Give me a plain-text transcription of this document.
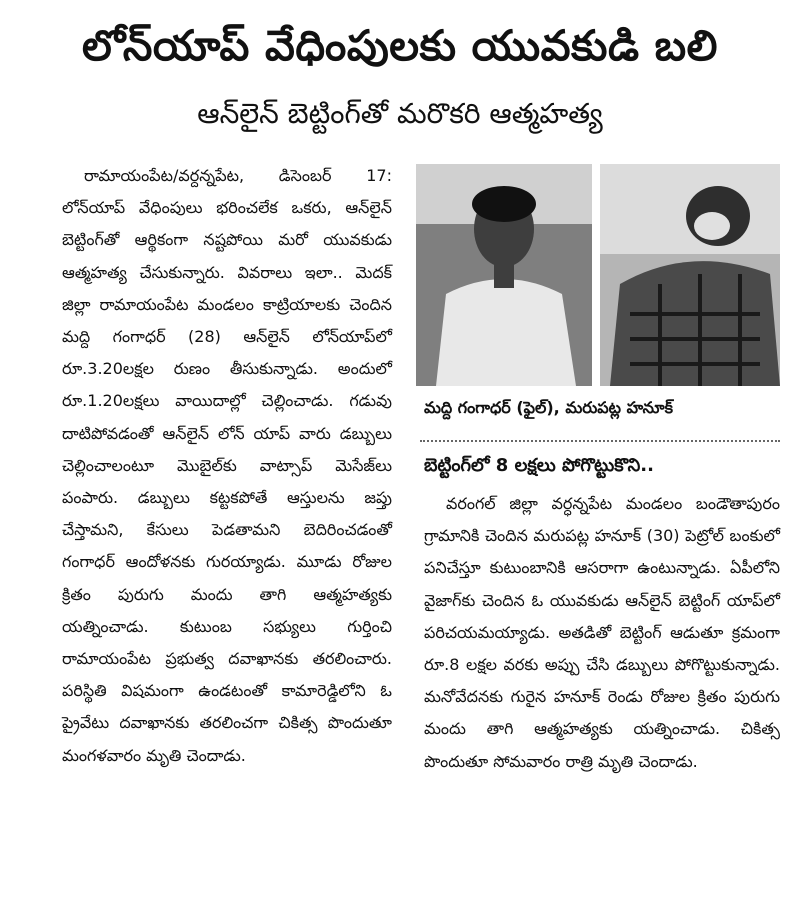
లోన్‌యాప్ వేధింపులకు యువకుడి బలి
ఆన్‌లైన్ బెట్టింగ్‌తో మరొకరి ఆత్మహత్య

రామాయంపేట/వర్దన్నపేట, డిసెంబర్ 17: లోన్‌యాప్ వేధింపులు భరించలేక ఒకరు, ఆన్‌లైన్ బెట్టింగ్‌తో ఆర్థికంగా నష్టపోయి మరో యువకుడు ఆత్మహత్య చేసుకున్నారు. వివరాలు ఇలా.. మెదక్ జిల్లా రామాయంపేట మండలం కాట్రియాలకు చెందిన మద్ది గంగాధర్ (28) ఆన్‌లైన్ లోన్‌యాప్‌లో రూ.3.20లక్షల రుణం తీసుకున్నాడు. అందులో రూ.1.20లక్షలు వాయిదాల్లో చెల్లించాడు. గడువు దాటిపోవడంతో ఆన్‌లైన్ లోన్ యాప్ వారు డబ్బులు చెల్లించాలంటూ మొబైల్‌కు వాట్సాప్ మెసేజ్‌లు పంపారు. డబ్బులు కట్టకపోతే ఆస్తులను జప్తు చేస్తామని, కేసులు పెడతామని బెదిరించడంతో గంగాధర్ ఆందోళనకు గురయ్యాడు. మూడు రోజుల క్రితం పురుగు మందు తాగి ఆత్మహత్యకు యత్నించాడు. కుటుంబ సభ్యులు గుర్తించి రామాయంపేట ప్రభుత్వ దవాఖానకు తరలించారు. పరిస్థితి విషమంగా ఉండటంతో కామారెడ్డిలోని ఓ ప్రైవేటు దవాఖానకు తరలించగా చికిత్స పొందుతూ మంగళవారం మృతి చెందాడు.

మద్ది గంగాధర్ (ఫైల్), మరుపట్ల హనూక్
బెట్టింగ్‌లో 8 లక్షలు పోగొట్టుకొని..

వరంగల్ జిల్లా వర్ధన్నపేట మండలం బండౌతాపురం గ్రామానికి చెందిన మరుపట్ల హనూక్ (30) పెట్రోల్ బంకులో పనిచేస్తూ కుటుంబానికి ఆసరాగా ఉంటున్నాడు. ఏపీలోని వైజాగ్‌కు చెందిన ఓ యువకుడు ఆన్‌లైన్ బెట్టింగ్ యాప్‌లో పరిచయమయ్యాడు. అతడితో బెట్టింగ్ ఆడుతూ క్రమంగా రూ.8 లక్షల వరకు అప్పు చేసి డబ్బులు పోగొట్టుకున్నాడు. మనోవేదనకు గురైన హనూక్ రెండు రోజుల క్రితం పురుగు మందు తాగి ఆత్మహత్యకు యత్నించాడు. చికిత్స పొందుతూ సోమవారం రాత్రి మృతి చెందాడు.
